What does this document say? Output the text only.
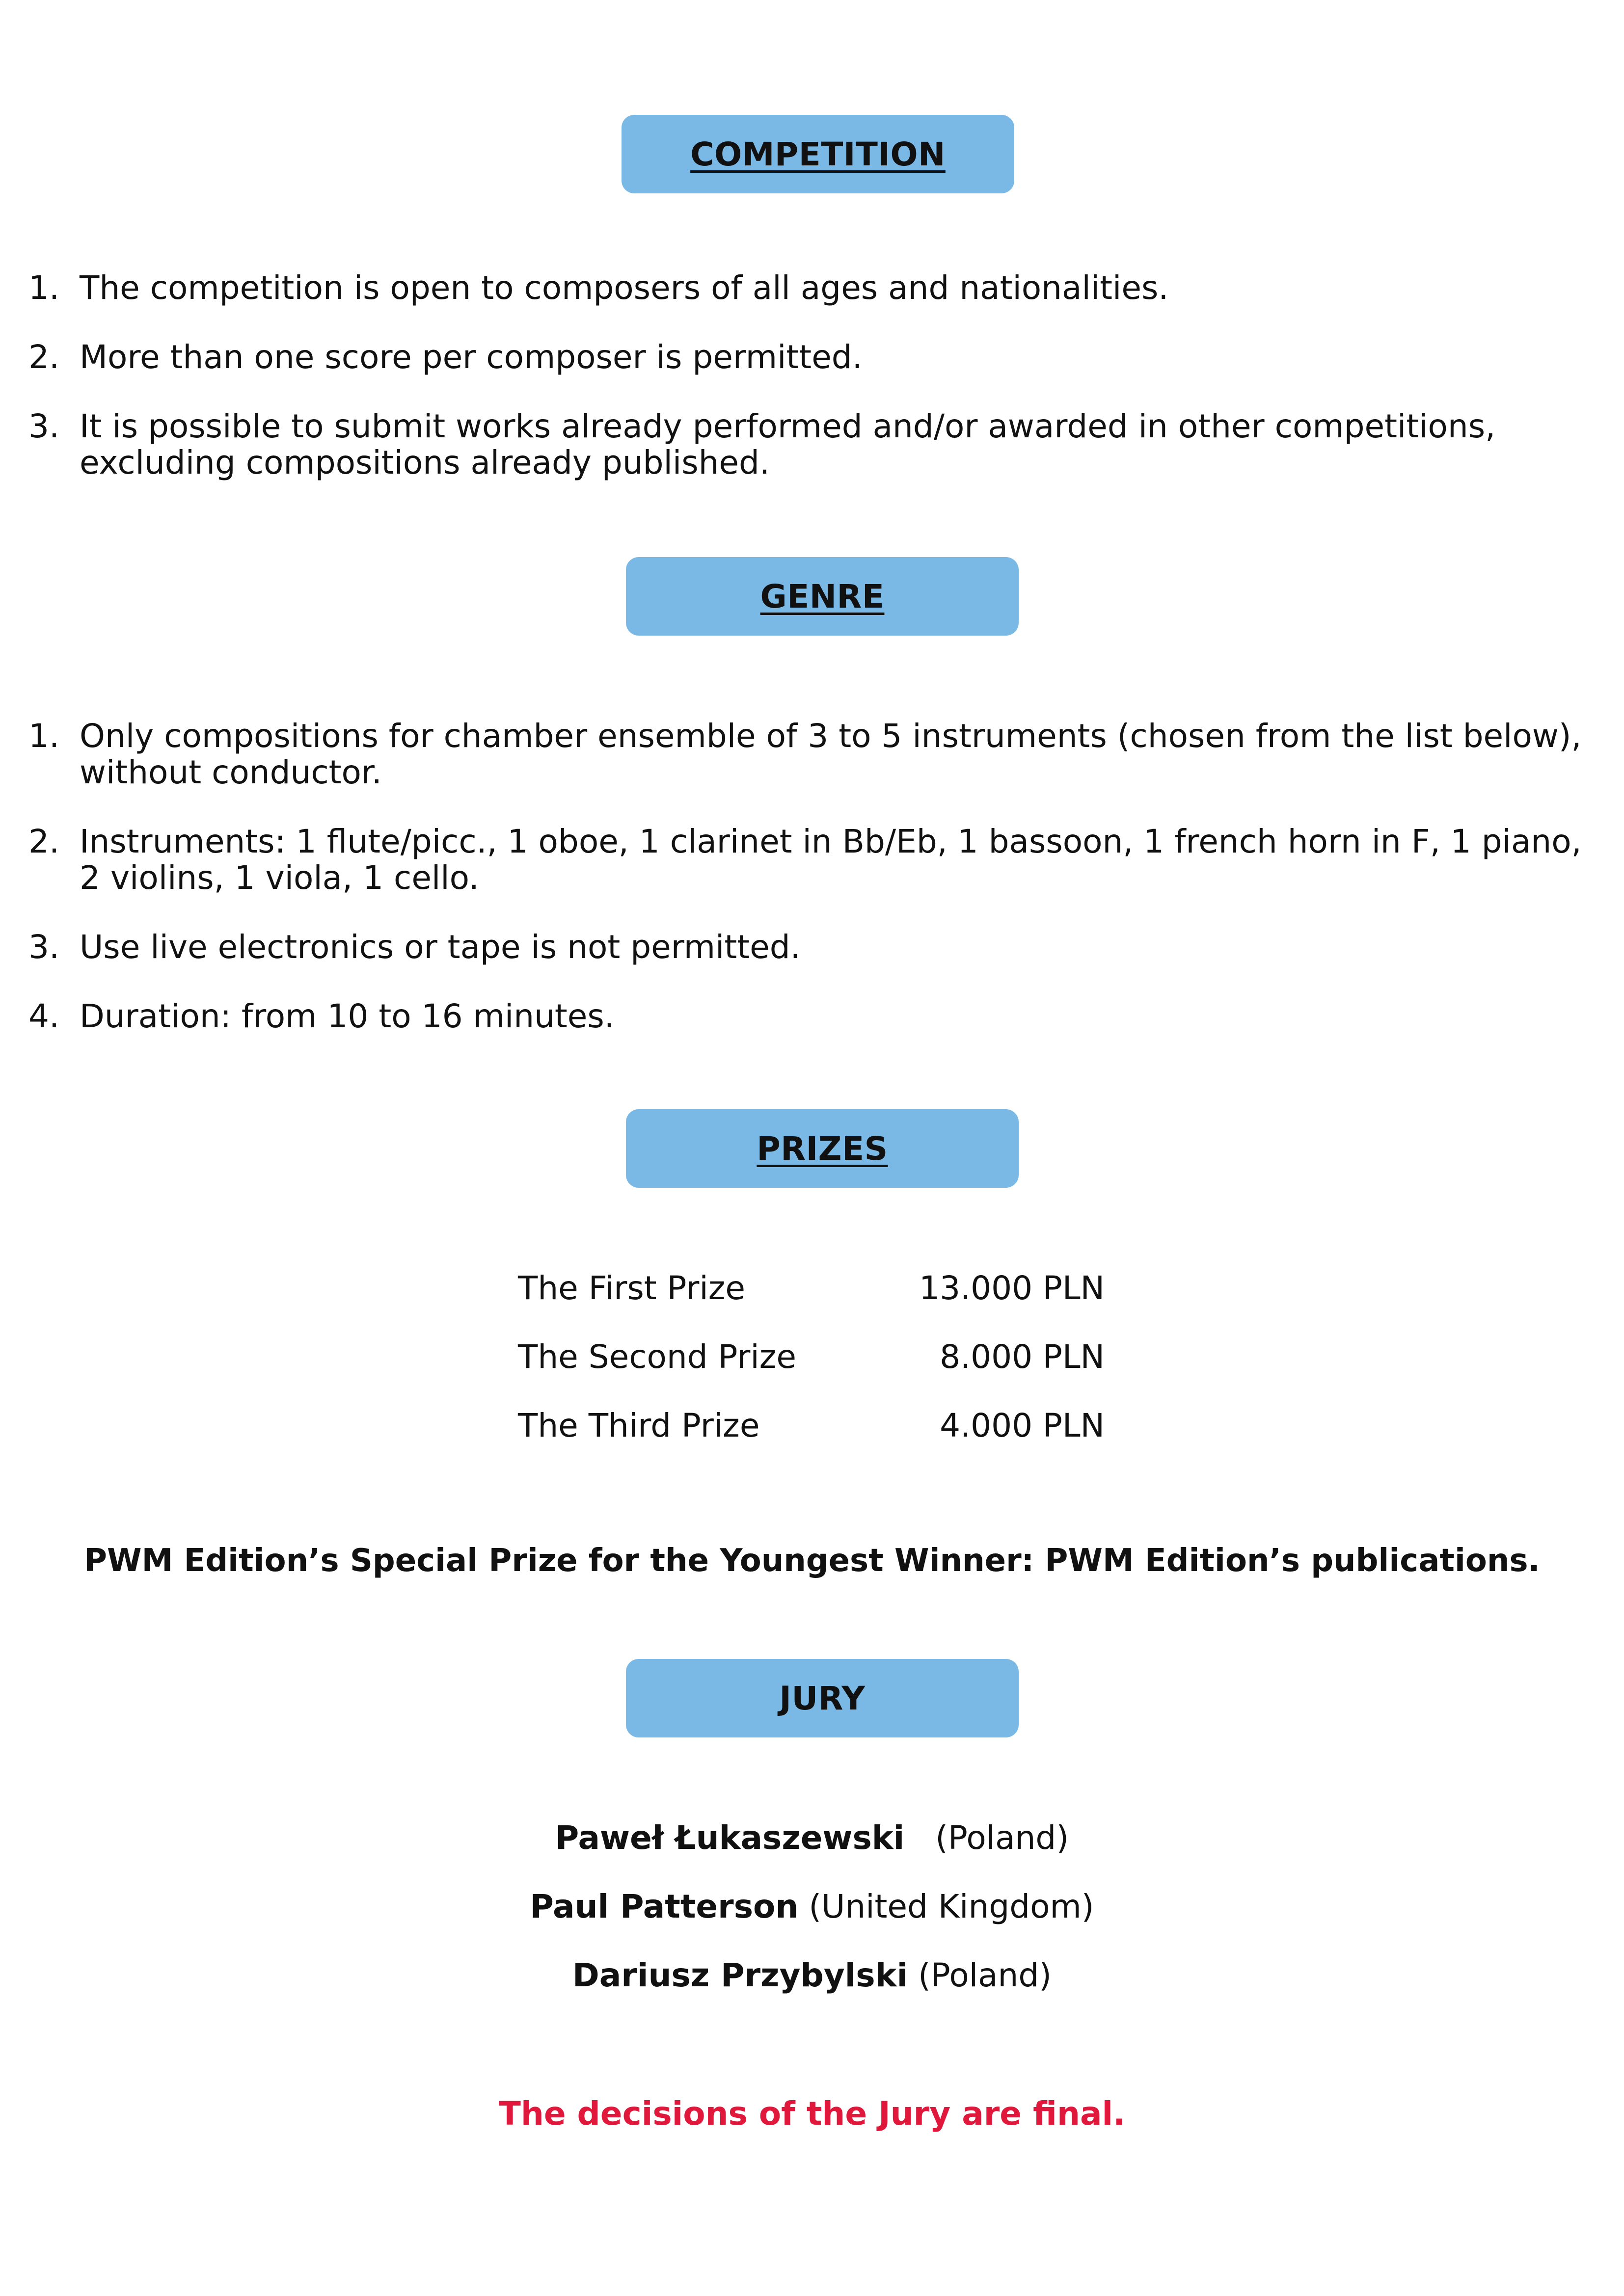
COMPETITION
1. The competition is open to composers of all ages and nationalities.
2. More than one score per composer is permitted.
3. It is possible to submit works already performed and/or awarded in other competitions,
excluding compositions already published.
GENRE
1. Only compositions for chamber ensemble of 3 to 5 instruments (chosen from the list below),
without conductor.
2. Instruments: 1 flute/picc., 1 oboe, 1 clarinet in Bb/Eb, 1 bassoon, 1 french horn in F, 1 piano,
2 violins, 1 viola, 1 cello.
3. Use live electronics or tape is not permitted.
4. Duration: from 10 to 16 minutes.
PRIZES
The First Prize	13.000 PLN
The Second Prize	8.000 PLN
The Third Prize	4.000 PLN
PWM Edition’s Special Prize for the Youngest Winner: PWM Edition’s publications.
JURY
Paweł Łukaszewski (Poland)
Paul Patterson (United Kingdom)
Dariusz Przybylski (Poland)
The decisions of the Jury are final.
